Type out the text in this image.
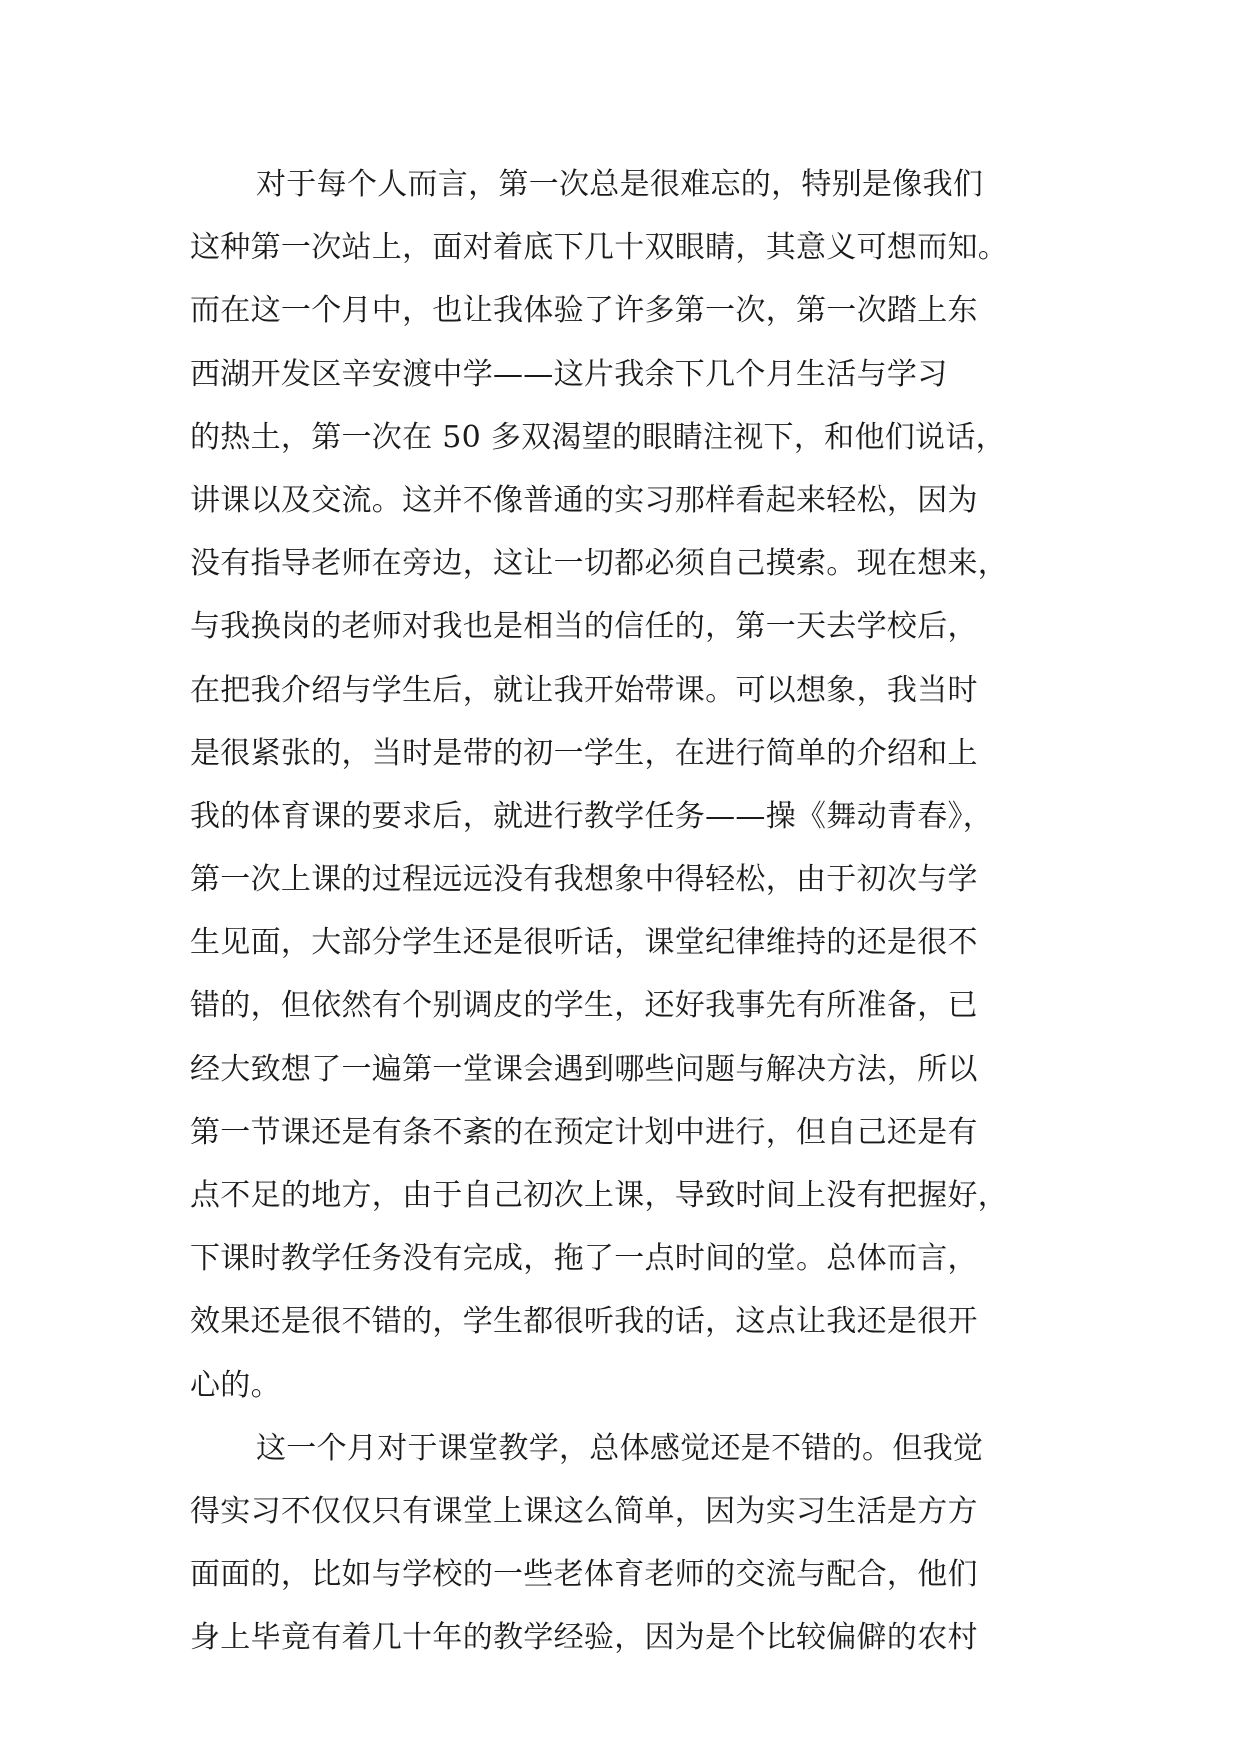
对于每个人而言，第一次总是很难忘的，特别是像我们
这种第一次站上，面对着底下几十双眼睛，其意义可想而知。
而在这一个月中，也让我体验了许多第一次，第一次踏上东
西湖开发区辛安渡中学——这片我余下几个月生活与学习
的热土，第一次在 50 多双渴望的眼睛注视下，和他们说话，
讲课以及交流。这并不像普通的实习那样看起来轻松，因为
没有指导老师在旁边，这让一切都必须自己摸索。现在想来，
与我换岗的老师对我也是相当的信任的，第一天去学校后，
在把我介绍与学生后，就让我开始带课。可以想象，我当时
是很紧张的，当时是带的初一学生，在进行简单的介绍和上
我的体育课的要求后，就进行教学任务——操《舞动青春》，
第一次上课的过程远远没有我想象中得轻松，由于初次与学
生见面，大部分学生还是很听话，课堂纪律维持的还是很不
错的，但依然有个别调皮的学生，还好我事先有所准备，已
经大致想了一遍第一堂课会遇到哪些问题与解决方法，所以
第一节课还是有条不紊的在预定计划中进行，但自己还是有
点不足的地方，由于自己初次上课，导致时间上没有把握好，
下课时教学任务没有完成，拖了一点时间的堂。总体而言，
效果还是很不错的，学生都很听我的话，这点让我还是很开
心的。
这一个月对于课堂教学，总体感觉还是不错的。但我觉
得实习不仅仅只有课堂上课这么简单，因为实习生活是方方
面面的，比如与学校的一些老体育老师的交流与配合，他们
身上毕竟有着几十年的教学经验，因为是个比较偏僻的农村
